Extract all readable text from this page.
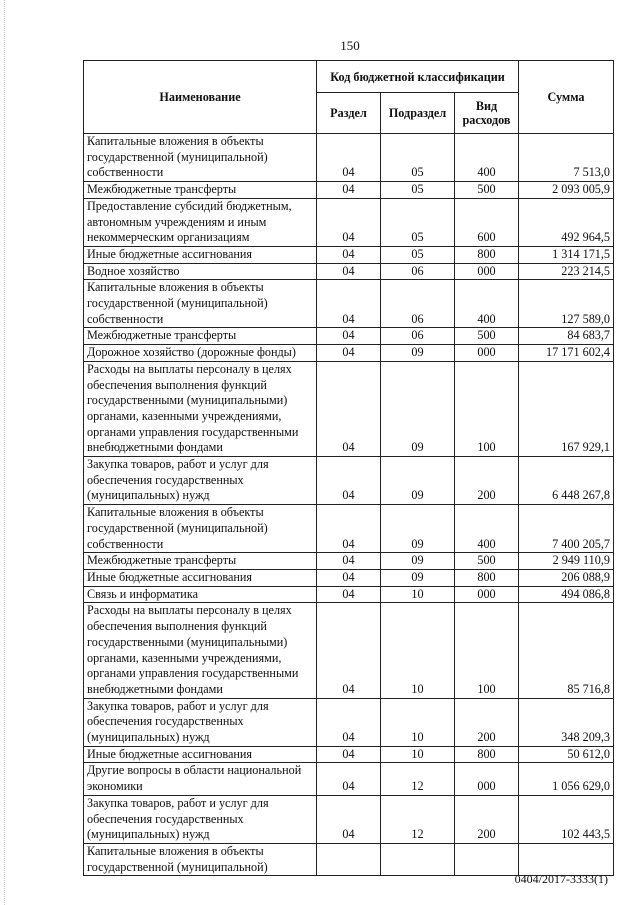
150
Наименование	Код бюджетной классификации			Сумма
	Раздел	Подраздел	Вид расходов	
Капитальные вложения в объекты государственной (муниципальной) собственности	04	05	400	7 513,0
Межбюджетные трансферты	04	05	500	2 093 005,9
Предоставление субсидий бюджетным, автономным учреждениям и иным некоммерческим организациям	04	05	600	492 964,5
Иные бюджетные ассигнования	04	05	800	1 314 171,5
Водное хозяйство	04	06	000	223 214,5
Капитальные вложения в объекты государственной (муниципальной) собственности	04	06	400	127 589,0
Межбюджетные трансферты	04	06	500	84 683,7
Дорожное хозяйство (дорожные фонды)	04	09	000	17 171 602,4
Расходы на выплаты персоналу в целях обеспечения выполнения функций государственными (муниципальными) органами, казенными учреждениями, органами управления государственными внебюджетными фондами	04	09	100	167 929,1
Закупка товаров, работ и услуг для обеспечения государственных (муниципальных) нужд	04	09	200	6 448 267,8
Капитальные вложения в объекты государственной (муниципальной) собственности	04	09	400	7 400 205,7
Межбюджетные трансферты	04	09	500	2 949 110,9
Иные бюджетные ассигнования	04	09	800	206 088,9
Связь и информатика	04	10	000	494 086,8
Расходы на выплаты персоналу в целях обеспечения выполнения функций государственными (муниципальными) органами, казенными учреждениями, органами управления государственными внебюджетными фондами	04	10	100	85 716,8
Закупка товаров, работ и услуг для обеспечения государственных (муниципальных) нужд	04	10	200	348 209,3
Иные бюджетные ассигнования	04	10	800	50 612,0
Другие вопросы в области национальной экономики	04	12	000	1 056 629,0
Закупка товаров, работ и услуг для обеспечения государственных (муниципальных) нужд	04	12	200	102 443,5
Капитальные вложения в объекты государственной (муниципальной)				
0404/2017-3333(1)
